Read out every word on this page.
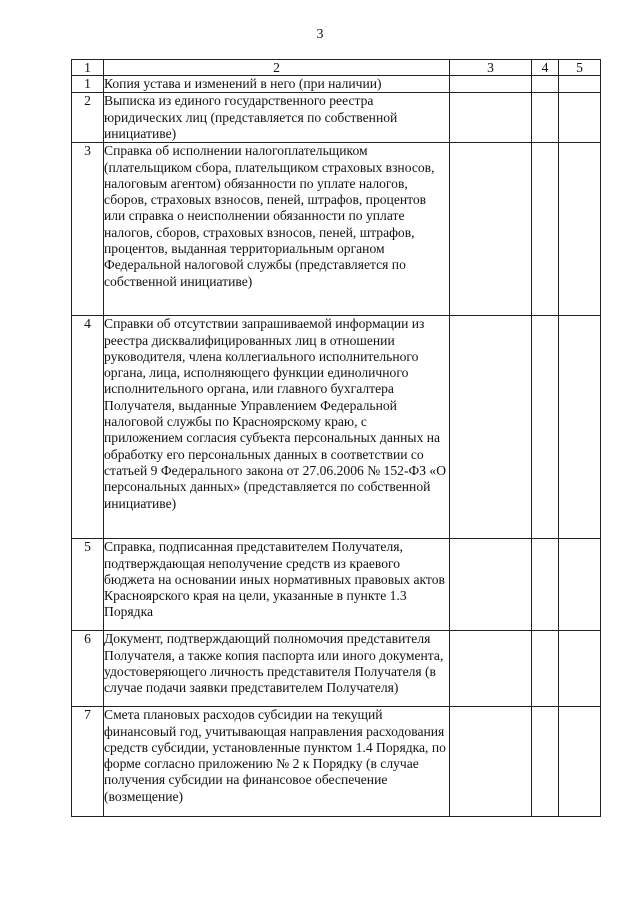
3
1	2	3	4	5
1	Копия устава и изменений в него (при наличии)			
2	Выписка из единого государственного реестра юридических лиц (представляется по собственной инициативе)			
3	Справка об исполнении налогоплательщиком (плательщиком сбора, плательщиком страховых взносов, налоговым агентом) обязанности по уплате налогов, сборов, страховых взносов, пеней, штрафов, процентов или справка о неисполнении обязанности по уплате налогов, сборов, страховых взносов, пеней, штрафов, процентов, выданная территориальным органом Федеральной налоговой службы (представляется по собственной инициативе)			
4	Справки об отсутствии запрашиваемой информации из реестра дисквалифицированных лиц в отношении руководителя, члена коллегиального исполнительного органа, лица, исполняющего функции единоличного исполнительного органа, или главного бухгалтера Получателя, выданные Управлением Федеральной налоговой службы по Красноярскому краю, с приложением согласия субъекта персональных данных на обработку его персональных данных в соответствии со статьей 9 Федерального закона от 27.06.2006 № 152-ФЗ «О персональных данных» (представляется по собственной инициативе)			
5	Справка, подписанная представителем Получателя, подтверждающая неполучение средств из краевого бюджета на основании иных нормативных правовых актов Красноярского края на цели, указанные в пункте 1.3 Порядка			
6	Документ, подтверждающий полномочия представителя Получателя, а также копия паспорта или иного документа, удостоверяющего личность представителя Получателя (в случае подачи заявки представителем Получателя)			
7	Смета плановых расходов субсидии на текущий финансовый год, учитывающая направления расходования средств субсидии, установленные пунктом 1.4 Порядка, по форме согласно приложению № 2 к Порядку (в случае получения субсидии на финансовое обеспечение (возмещение)			
